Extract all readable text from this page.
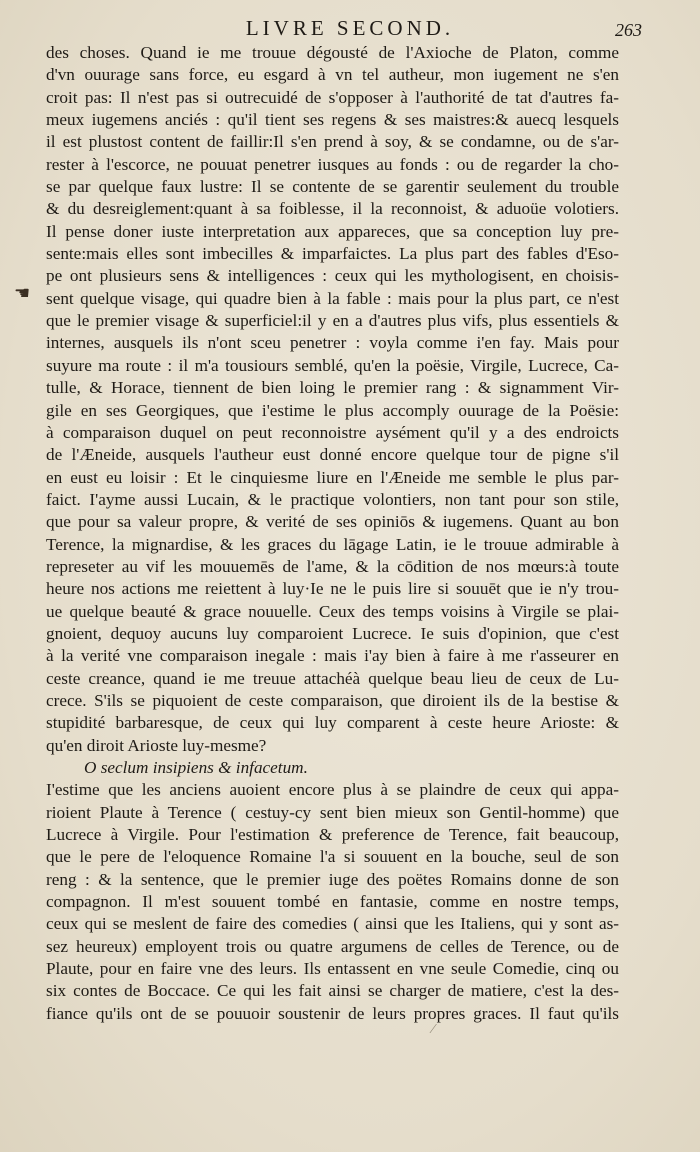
LIVRE SECOND.	263
☚
des choses. Quand ie me trouue dégousté de l'Axioche de Platon, comme
d'vn ouurage sans force, eu esgard à vn tel autheur, mon iugement ne s'en
croit pas: Il n'est pas si outrecuidé de s'opposer à l'authorité de tat d'autres fa-
meux iugemens anciés : qu'il tient ses regens & ses maistres:& auecq lesquels
il est plustost content de faillir:Il s'en prend à soy, & se condamne, ou de s'ar-
rester à l'escorce, ne pouuat penetrer iusques au fonds : ou de regarder la cho-
se par quelque faux lustre: Il se contente de se garentir seulement du trouble
& du desreiglement:quant à sa foiblesse, il la reconnoist, & aduoüe volotiers.
Il pense doner iuste interpretation aux appareces, que sa conception luy pre-
sente:mais elles sont imbecilles & imparfaictes. La plus part des fables d'Eso-
pe ont plusieurs sens & intelligences : ceux qui les mythologisent, en choisis-
sent quelque visage, qui quadre bien à la fable : mais pour la plus part, ce n'est
que le premier visage & superficiel:il y en a d'autres plus vifs, plus essentiels &
internes, ausquels ils n'ont sceu penetrer : voyla comme i'en fay. Mais pour
suyure ma route : il m'a tousiours semblé, qu'en la poësie, Virgile, Lucrece, Ca-
tulle, & Horace, tiennent de bien loing le premier rang : & signamment Vir-
gile en ses Georgiques, que i'estime le plus accomply ouurage de la Poësie:
à comparaison duquel on peut reconnoistre aysément qu'il y a des endroicts
de l'Æneide, ausquels l'autheur eust donné encore quelque tour de pigne s'il
en eust eu loisir : Et le cinquiesme liure en l'Æneide me semble le plus par-
faict. I'ayme aussi Lucain, & le practique volontiers, non tant pour son stile,
que pour sa valeur propre, & verité de ses opiniōs & iugemens. Quant au bon
Terence, la mignardise, & les graces du lāgage Latin, ie le trouue admirable à
represeter au vif les mouuemēs de l'ame, & la cōdition de nos mœurs:à toute
heure nos actions me reiettent à luy·Ie ne le puis lire si souuēt que ie n'y trou-
ue quelque beauté & grace nouuelle. Ceux des temps voisins à Virgile se plai-
gnoient, dequoy aucuns luy comparoient Lucrece. Ie suis d'opinion, que c'est
à la verité vne comparaison inegale : mais i'ay bien à faire à me r'asseurer en
ceste creance, quand ie me treuue attachéà quelque beau lieu de ceux de Lu-
crece. S'ils se piquoient de ceste comparaison, que diroient ils de la bestise &
stupidité barbaresque, de ceux qui luy comparent à ceste heure Arioste: &
qu'en diroit Arioste luy-mesme?
O seclum insipiens & infacetum.
I'estime que les anciens auoient encore plus à se plaindre de ceux qui appa-
rioient Plaute à Terence ( cestuy-cy sent bien mieux son Gentil-homme) que
Lucrece à Virgile. Pour l'estimation & preference de Terence, fait beaucoup,
que le pere de l'eloquence Romaine l'a si souuent en la bouche, seul de son
reng : & la sentence, que le premier iuge des poëtes Romains donne de son
compagnon. Il m'est souuent tombé en fantasie, comme en nostre temps,
ceux qui se meslent de faire des comedies ( ainsi que les Italiens, qui y sont as-
sez heureux) employent trois ou quatre argumens de celles de Terence, ou de
Plaute, pour en faire vne des leurs. Ils entassent en vne seule Comedie, cinq ou
six contes de Boccace. Ce qui les fait ainsi se charger de matiere, c'est la des-
fiance qu'ils ont de se pouuoir soustenir de leurs propres graces. Il faut qu'ils
⁄
